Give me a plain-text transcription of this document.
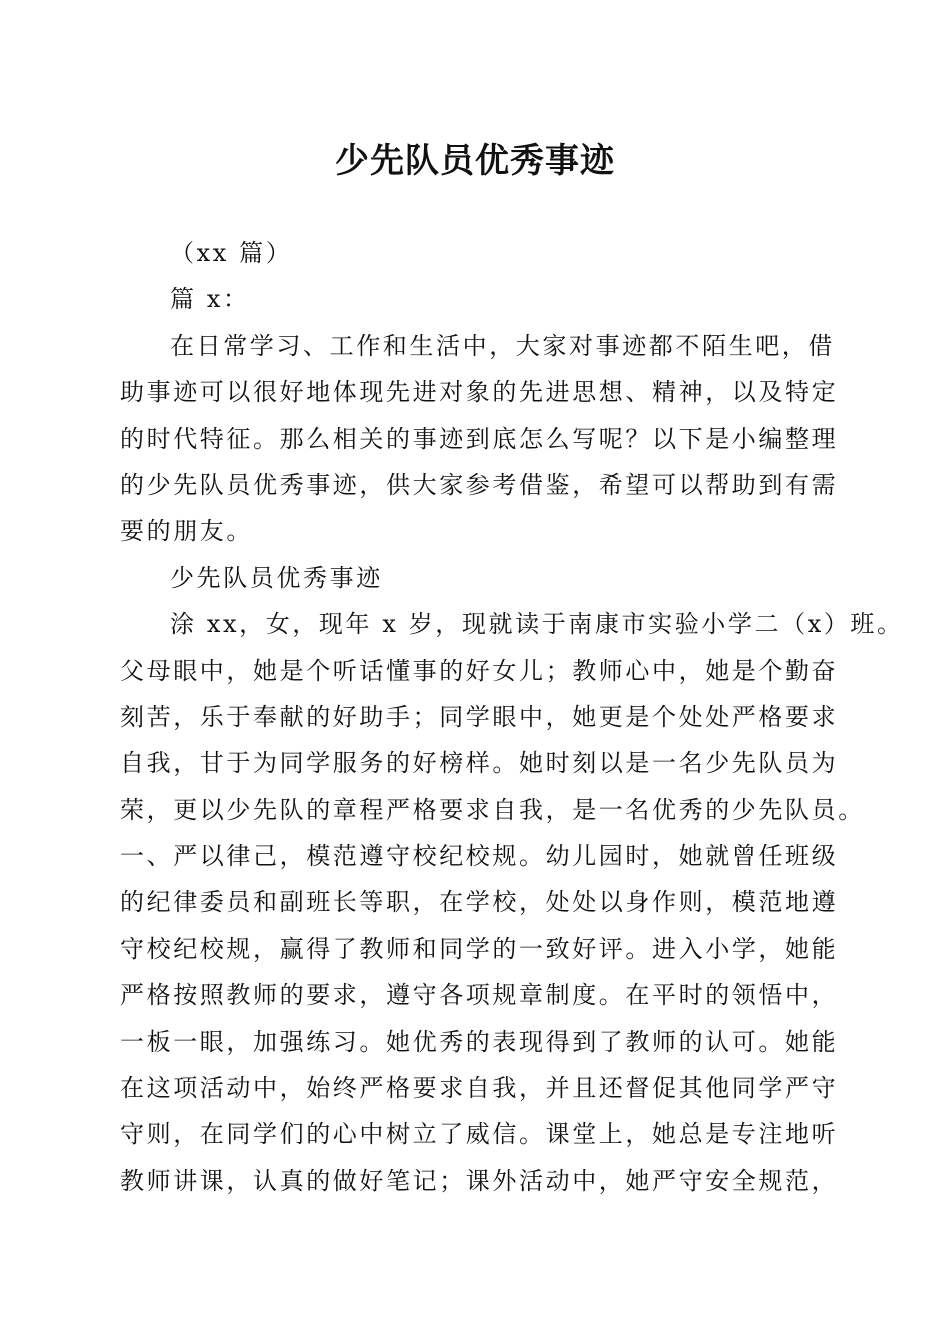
少先队员优秀事迹
（xx 篇）
篇 x：
在日常学习、工作和生活中，大家对事迹都不陌生吧，借
助事迹可以很好地体现先进对象的先进思想、精神，以及特定
的时代特征。那么相关的事迹到底怎么写呢？以下是小编整理
的少先队员优秀事迹，供大家参考借鉴，希望可以帮助到有需
要的朋友。
少先队员优秀事迹
涂 xx，女，现年 x 岁，现就读于南康市实验小学二（x）班。
父母眼中，她是个听话懂事的好女儿；教师心中，她是个勤奋
刻苦，乐于奉献的好助手；同学眼中，她更是个处处严格要求
自我，甘于为同学服务的好榜样。她时刻以是一名少先队员为
荣，更以少先队的章程严格要求自我，是一名优秀的少先队员。
一、严以律己，模范遵守校纪校规。幼儿园时，她就曾任班级
的纪律委员和副班长等职，在学校，处处以身作则，模范地遵
守校纪校规，赢得了教师和同学的一致好评。进入小学，她能
严格按照教师的要求，遵守各项规章制度。在平时的领悟中，
一板一眼，加强练习。她优秀的表现得到了教师的认可。她能
在这项活动中，始终严格要求自我，并且还督促其他同学严守
守则，在同学们的心中树立了威信。课堂上，她总是专注地听
教师讲课，认真的做好笔记；课外活动中，她严守安全规范，
